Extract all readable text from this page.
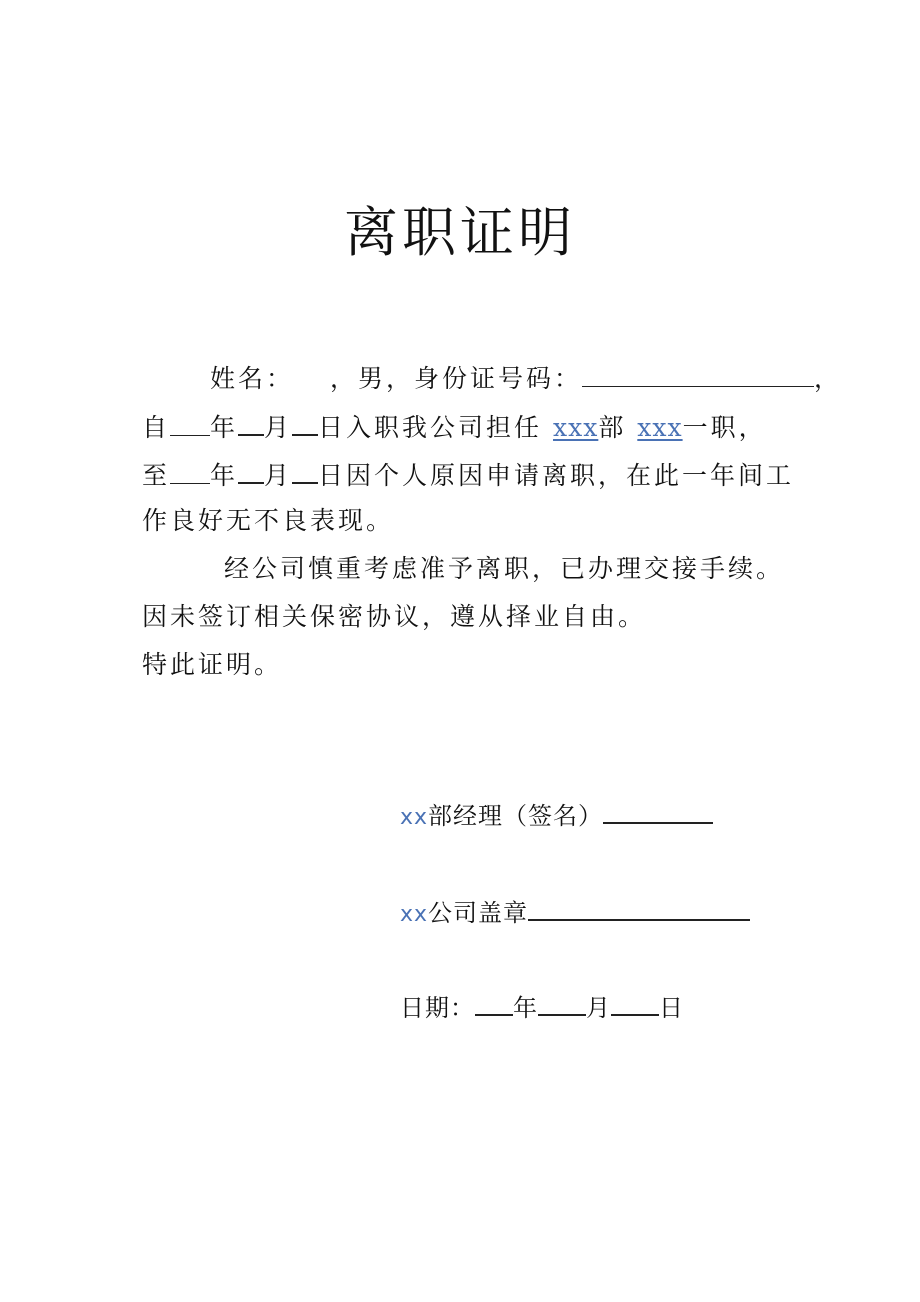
离职证明
姓名： ，男，身份证号码：	，
自 年 月 日入职我公司担任 xxx部 xxx一职，
至 年 月 日因个人原因申请离职，在此一年间工
作良好无不良表现。
经公司慎重考虑准予离职，已办理交接手续。
因未签订相关保密协议，遵从择业自由。
特此证明。
xx部经理（签名）
xx公司盖章
日期： 年 月 日
